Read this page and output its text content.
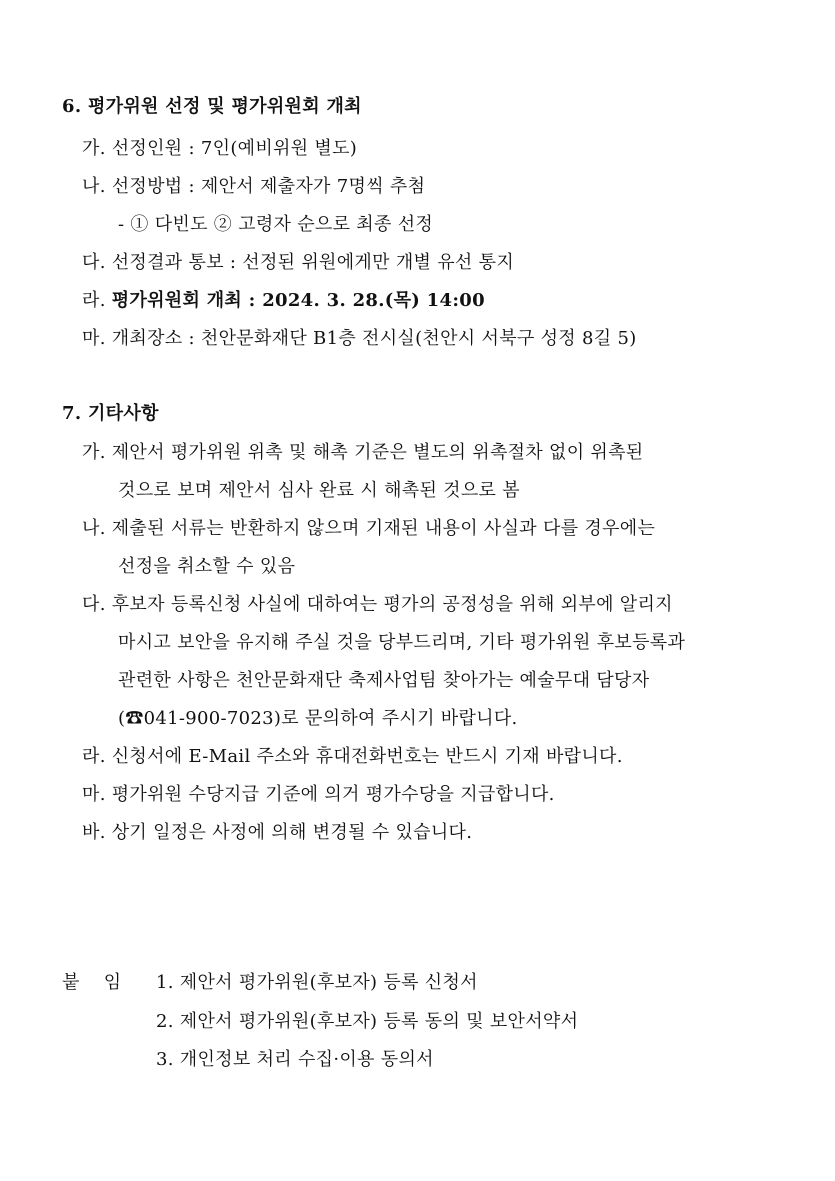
6. 평가위원 선정 및 평가위원회 개최
가. 선정인원 : 7인(예비위원 별도)
나. 선정방법 : 제안서 제출자가 7명씩 추첨
- ① 다빈도 ② 고령자 순으로 최종 선정
다. 선정결과 통보 : 선정된 위원에게만 개별 유선 통지
라. 평가위원회 개최 : 2024. 3. 28.(목) 14:00
마. 개최장소 : 천안문화재단 B1층 전시실(천안시 서북구 성정 8길 5)
7. 기타사항
가. 제안서 평가위원 위촉 및 해촉 기준은 별도의 위촉절차 없이 위촉된
것으로 보며 제안서 심사 완료 시 해촉된 것으로 봄
나. 제출된 서류는 반환하지 않으며 기재된 내용이 사실과 다를 경우에는
선정을 취소할 수 있음
다. 후보자 등록신청 사실에 대하여는 평가의 공정성을 위해 외부에 알리지
마시고 보안을 유지해 주실 것을 당부드리며, 기타 평가위원 후보등록과
관련한 사항은 천안문화재단 축제사업팀 찾아가는 예술무대 담당자
(☎041-900-7023)로 문의하여 주시기 바랍니다.
라. 신청서에 E-Mail 주소와 휴대전화번호는 반드시 기재 바랍니다.
마. 평가위원 수당지급 기준에 의거 평가수당을 지급합니다.
바. 상기 일정은 사정에 의해 변경될 수 있습니다.
붙    임 1. 제안서 평가위원(후보자) 등록 신청서
2. 제안서 평가위원(후보자) 등록 동의 및 보안서약서
3. 개인정보 처리 수집·이용 동의서
